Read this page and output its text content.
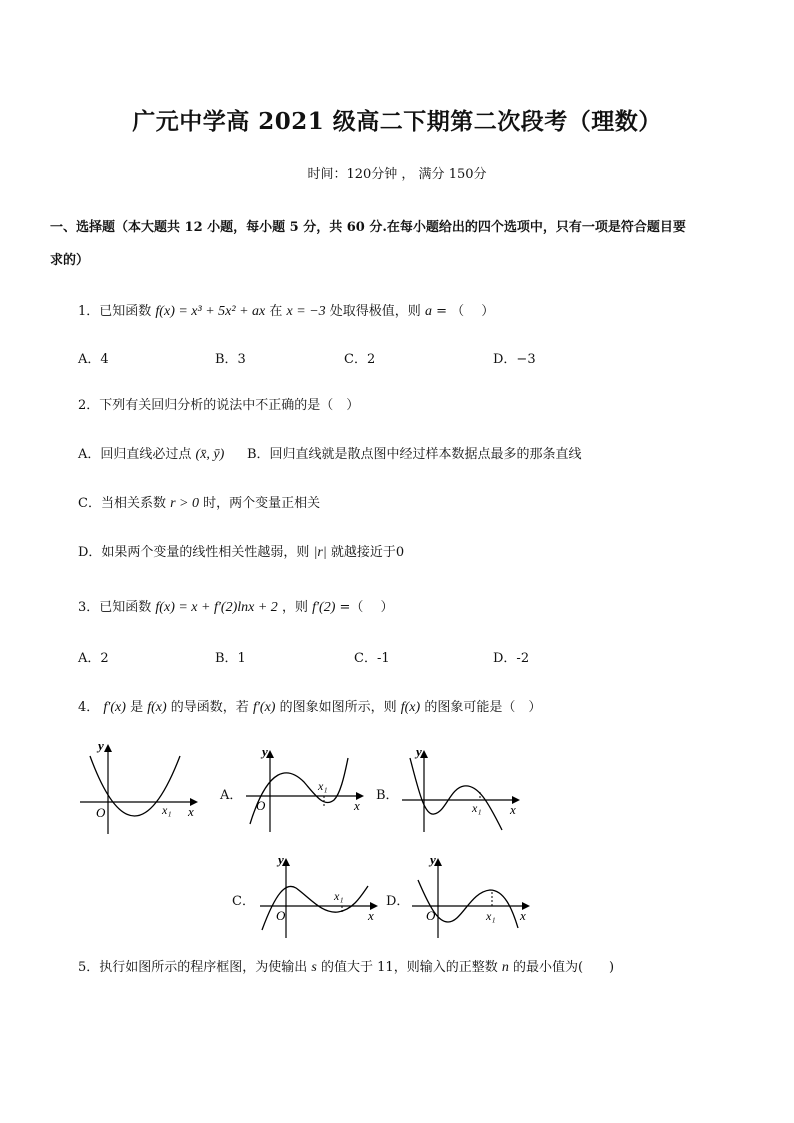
广元中学高 2021 级高二下期第二次段考（理数）
时间：120分钟 ， 满分 150分
一、选择题（本大题共 12 小题，每小题 5 分，共 60 分.在每小题给出的四个选项中，只有一项是符合题目要
求的）
1．已知函数 f(x) = x³ + 5x² + ax 在 x = −3 处取得极值，则 a = （　 ）
A．4	B．3	C．2	D．−3
2．下列有关回归分析的说法中不正确的是（　）
A．回归直线必过点 (x̄, ȳ) B．回归直线就是散点图中经过样本数据点最多的那条直线
C．当相关系数 r > 0 时，两个变量正相关
D．如果两个变量的线性相关性越弱，则 |r| 就越接近于0
3．已知函数 f(x) = x + f′(2)lnx + 2 ，则 f′(2) =（　 ）
A．2	B．1	C．-1	D．-2
4． f′(x) 是 f(x) 的导函数，若 f′(x) 的图象如图所示，则 f(x) 的图象可能是（　）
y
O	x₁ x
A．
y
O
x₁
x
B．
y
x₁ x
C．
y
O
x₁
x
D．
y
O	x₁ x
5．执行如图所示的程序框图，为使输出 s 的值大于 11，则输入的正整数 n 的最小值为(　　)
